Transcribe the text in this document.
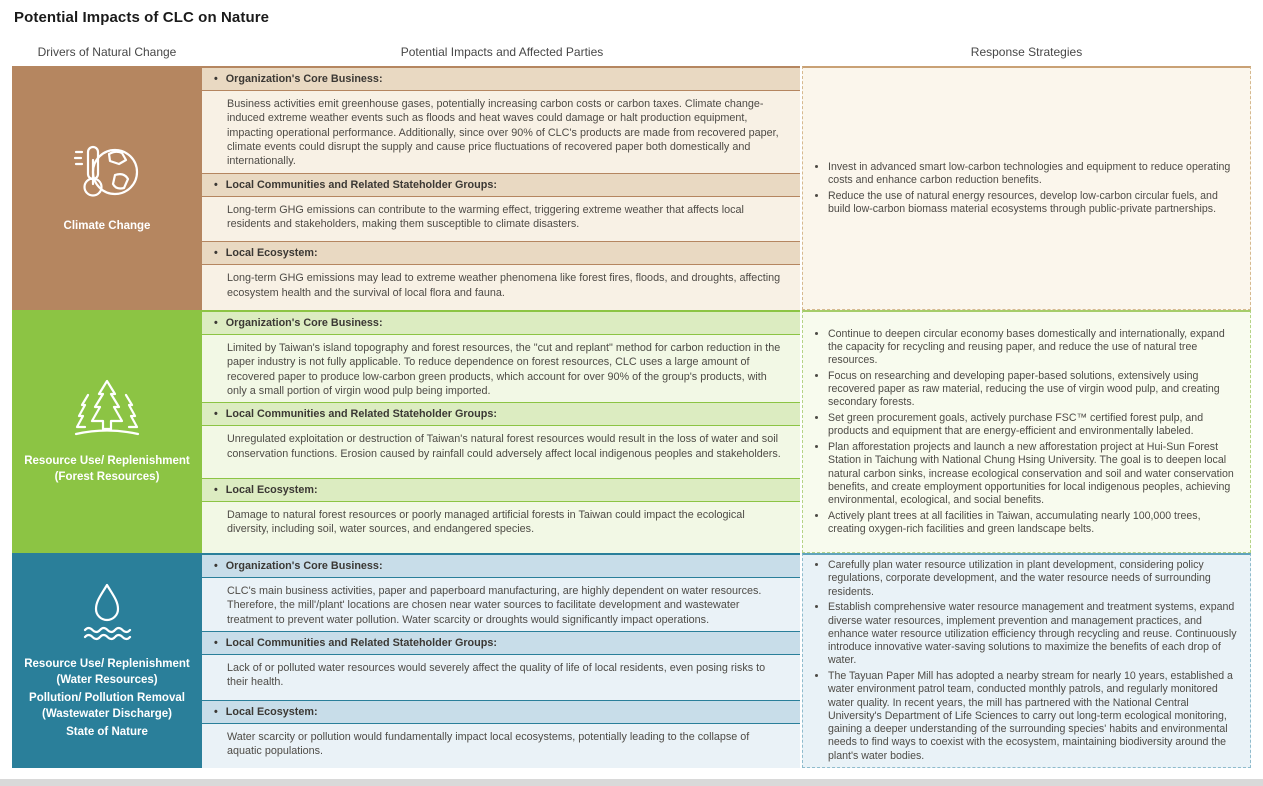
Potential Impacts of CLC on Nature
Drivers of Natural Change	Potential Impacts and Affected Parties	Response Strategies
Climate Change
• Organization's Core Business:
Business activities emit greenhouse gases, potentially increasing carbon costs or carbon taxes. Climate change-induced extreme weather events such as floods and heat waves could damage or halt production equipment, impacting operational performance. Additionally, since over 90% of CLC's products are made from recovered paper, climate events could disrupt the supply and cause price fluctuations of recovered paper both domestically and internationally.
• Local Communities and Related Stateholder Groups:
Long-term GHG emissions can contribute to the warming effect, triggering extreme weather that affects local residents and stakeholders, making them susceptible to climate disasters.
• Local Ecosystem:
Long-term GHG emissions may lead to extreme weather phenomena like forest fires, floods, and droughts, affecting ecosystem health and the survival of local flora and fauna.
• Invest in advanced smart low-carbon technologies and equipment to reduce operating costs and enhance carbon reduction benefits.
• Reduce the use of natural energy resources, develop low-carbon circular fuels, and build low-carbon biomass material ecosystems through public-private partnerships.
Resource Use/ Replenishment (Forest Resources)
• Organization's Core Business:
Limited by Taiwan's island topography and forest resources, the "cut and replant" method for carbon reduction in the paper industry is not fully applicable. To reduce dependence on forest resources, CLC uses a large amount of recovered paper to produce low-carbon green products, which account for over 90% of the group's products, with only a small portion of virgin wood pulp being imported.
• Local Communities and Related Stateholder Groups:
Unregulated exploitation or destruction of Taiwan's natural forest resources would result in the loss of water and soil conservation functions. Erosion caused by rainfall could adversely affect local indigenous peoples and stakeholders.
• Local Ecosystem:
Damage to natural forest resources or poorly managed artificial forests in Taiwan could impact the ecological diversity, including soil, water sources, and endangered species.
• Continue to deepen circular economy bases domestically and internationally, expand the capacity for recycling and reusing paper, and reduce the use of natural tree resources.
• Focus on researching and developing paper-based solutions, extensively using recovered paper as raw material, reducing the use of virgin wood pulp, and creating secondary forests.
• Set green procurement goals, actively purchase FSC™ certified forest pulp, and products and equipment that are energy-efficient and environmentally labeled.
• Plan afforestation projects and launch a new afforestation project at Hui-Sun Forest Station in Taichung with National Chung Hsing University. The goal is to deepen local natural carbon sinks, increase ecological conservation and soil and water conservation benefits, and create employment opportunities for local indigenous peoples, achieving environmental, ecological, and social benefits.
• Actively plant trees at all facilities in Taiwan, accumulating nearly 100,000 trees, creating oxygen-rich facilities and green landscape belts.
Resource Use/ Replenishment (Water Resources)
Pollution/ Pollution Removal (Wastewater Discharge)
State of Nature
• Organization's Core Business:
CLC's main business activities, paper and paperboard manufacturing, are highly dependent on water resources. Therefore, the mill'/plant' locations are chosen near water sources to facilitate development and wastewater treatment to prevent water pollution. Water scarcity or droughts would significantly impact operations.
• Local Communities and Related Stateholder Groups:
Lack of or polluted water resources would severely affect the quality of life of local residents, even posing risks to their health.
• Local Ecosystem:
Water scarcity or pollution would fundamentally impact local ecosystems, potentially leading to the collapse of aquatic populations.
• Carefully plan water resource utilization in plant development, considering policy regulations, corporate development, and the water resource needs of surrounding residents.
• Establish comprehensive water resource management and treatment systems, expand diverse water resources, implement prevention and management practices, and enhance water resource utilization efficiency through recycling and reuse. Continuously introduce innovative water-saving solutions to maximize the benefits of each drop of water.
• The Tayuan Paper Mill has adopted a nearby stream for nearly 10 years, established a water environment patrol team, conducted monthly patrols, and regularly monitored water quality. In recent years, the mill has partnered with the National Central University's Department of Life Sciences to carry out long-term ecological monitoring, gaining a deeper understanding of the surrounding species' habits and environmental needs to find ways to coexist with the ecosystem, maintaining biodiversity around the plant's water bodies.
